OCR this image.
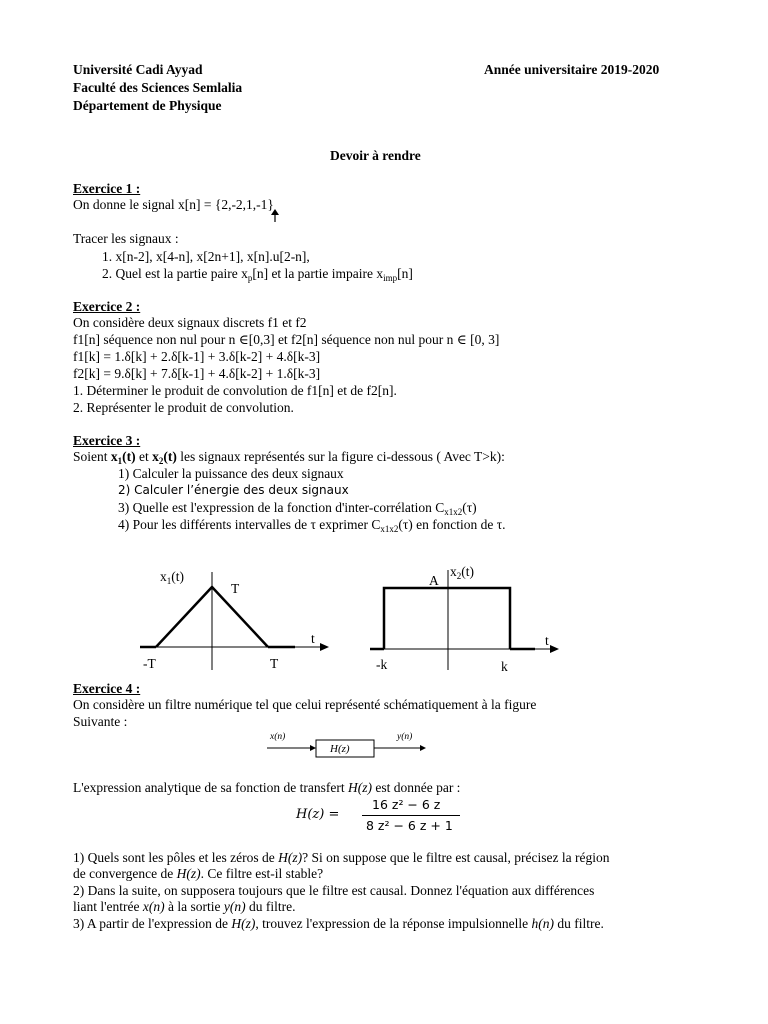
Université Cadi Ayyad
Faculté des Sciences Semlalia
Département de Physique
Année universitaire 2019-2020
Devoir à rendre
Exercice 1 :
On donne le signal x[n] = {2,-2,1,-1}
Tracer les signaux :
1. x[n-2], x[4-n], x[2n+1], x[n].u[2-n],
2. Quel est la partie paire $x_p[n]$ et la partie impaire $x_{imp}[n]$
Exercice 2 :
On considère deux signaux discrets f1 et f2
f1[n] séquence non nul pour n ∈[0,3] et f2[n] séquence non nul pour n ∈ [0, 3]
f1[k] = 1.δ[k] + 2.δ[k-1] + 3.δ[k-2] + 4.δ[k-3]
f2[k] = 9.δ[k] + 7.δ[k-1] + 4.δ[k-2] + 1.δ[k-3]
1. Déterminer le produit de convolution de f1[n] et de f2[n].
2. Représenter le produit de convolution.
Exercice 3 :
Soient $x_1(t)$ et $x_2(t)$ les signaux représentés sur la figure ci-dessous ( Avec T>k):
1) Calculer la puissance des deux signaux
2) Calculer l’énergie des deux signaux
3) Quelle est l'expression de la fonction d'inter-corrélation $C_{x1x2}(\tau)$
4) Pour les différents intervalles de τ exprimer $C_{x1x2}(\tau)$ en fonction de τ.
$x_1(t)$
T
t
-T	T
A
$x_2(t)$
t
-k	k
Exercice 4 :
On considère un filtre numérique tel que celui représenté schématiquement à la figure
Suivante :
x(n)
H(z)
y(n)
L'expression analytique de sa fonction de transfert H(z) est donnée par :
H(z) =
16 z² − 6 z
8 z² − 6 z + 1
1) Quels sont les pôles et les zéros de H(z)? Si on suppose que le filtre est causal, précisez la région
de convergence de H(z). Ce filtre est-il stable?
2) Dans la suite, on supposera toujours que le filtre est causal. Donnez l'équation aux différences
liant l'entrée x(n) à la sortie y(n) du filtre.
3) A partir de l'expression de H(z), trouvez l'expression de la réponse impulsionnelle h(n) du filtre.
